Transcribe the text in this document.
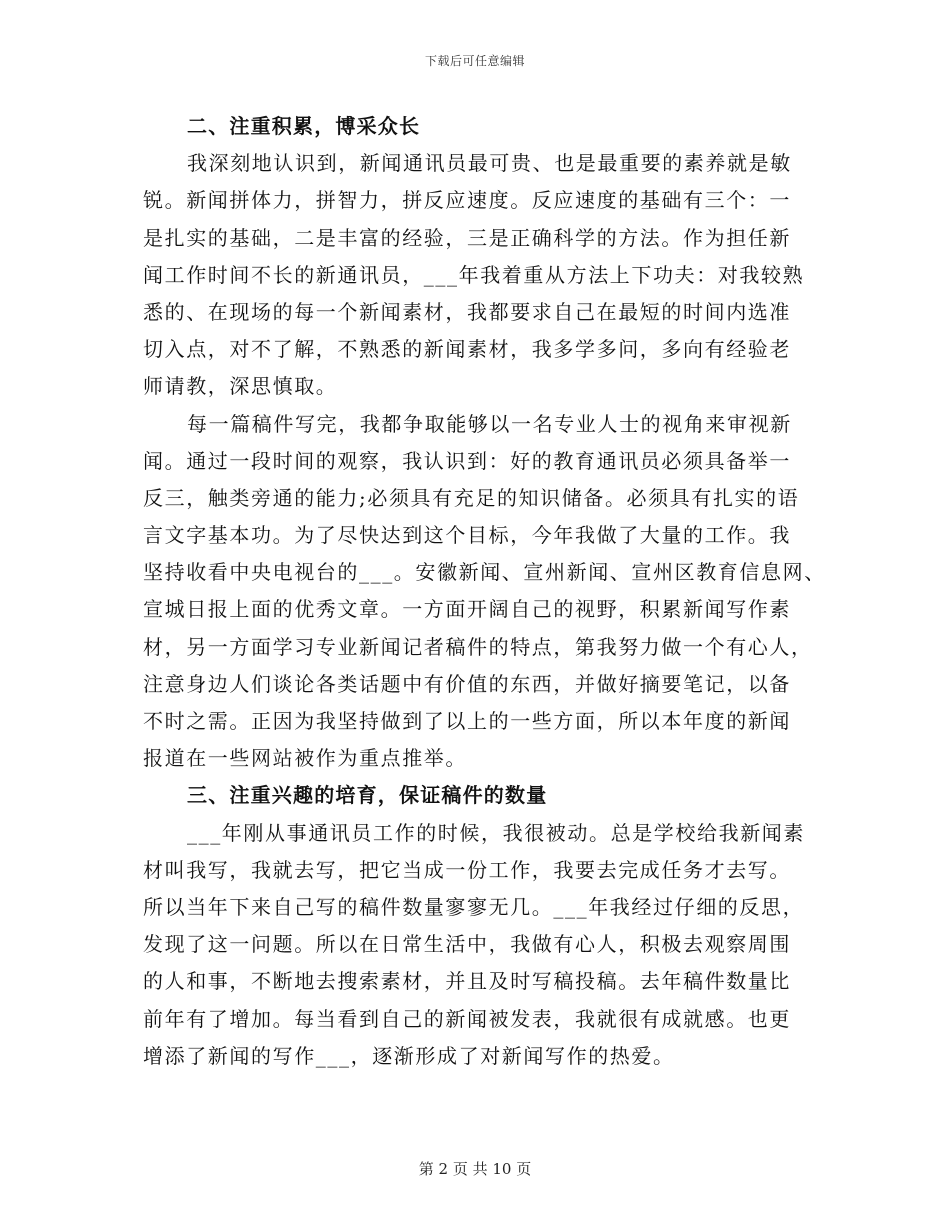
下载后可任意编辑
二、注重积累，博采众长
我深刻地认识到，新闻通讯员最可贵、也是最重要的素养就是敏
锐。新闻拼体力，拼智力，拼反应速度。反应速度的基础有三个：一
是扎实的基础，二是丰富的经验，三是正确科学的方法。作为担任新
闻工作时间不长的新通讯员，___年我着重从方法上下功夫：对我较熟
悉的、在现场的每一个新闻素材，我都要求自己在最短的时间内选准
切入点，对不了解，不熟悉的新闻素材，我多学多问，多向有经验老
师请教，深思慎取。
每一篇稿件写完，我都争取能够以一名专业人士的视角来审视新
闻。通过一段时间的观察，我认识到：好的教育通讯员必须具备举一
反三，触类旁通的能力;必须具有充足的知识储备。必须具有扎实的语
言文字基本功。为了尽快达到这个目标，今年我做了大量的工作。我
坚持收看中央电视台的___。安徽新闻、宣州新闻、宣州区教育信息网、
宣城日报上面的优秀文章。一方面开阔自己的视野，积累新闻写作素
材，另一方面学习专业新闻记者稿件的特点，第我努力做一个有心人，
注意身边人们谈论各类话题中有价值的东西，并做好摘要笔记，以备
不时之需。正因为我坚持做到了以上的一些方面，所以本年度的新闻
报道在一些网站被作为重点推举。
三、注重兴趣的培育，保证稿件的数量
___年刚从事通讯员工作的时候，我很被动。总是学校给我新闻素
材叫我写，我就去写，把它当成一份工作，我要去完成任务才去写。
所以当年下来自己写的稿件数量寥寥无几。___年我经过仔细的反思，
发现了这一问题。所以在日常生活中，我做有心人，积极去观察周围
的人和事，不断地去搜索素材，并且及时写稿投稿。去年稿件数量比
前年有了增加。每当看到自己的新闻被发表，我就很有成就感。也更
增添了新闻的写作___，逐渐形成了对新闻写作的热爱。
第 2 页 共 10 页
